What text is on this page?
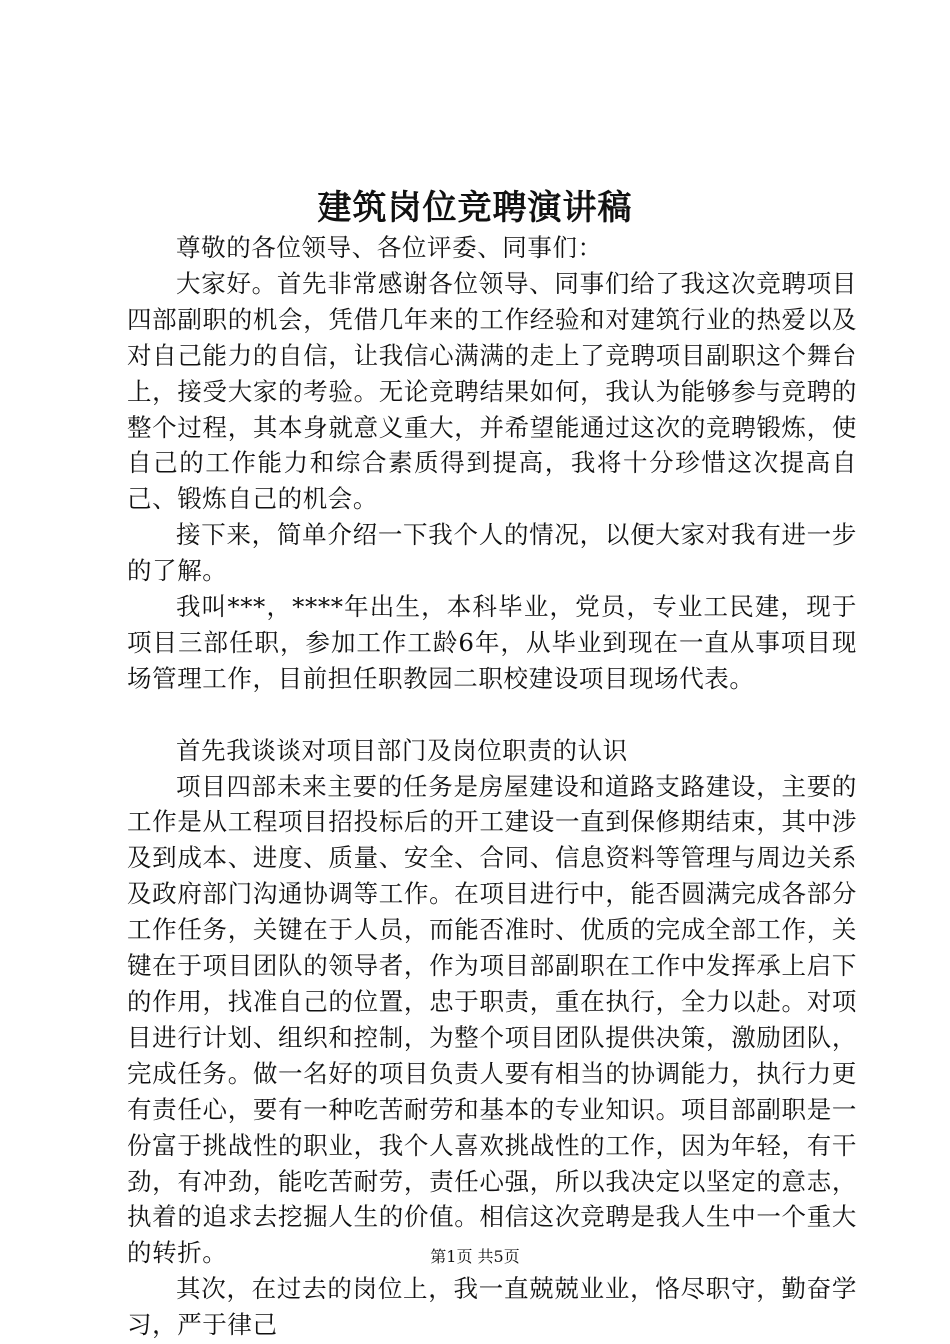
建筑岗位竞聘演讲稿

尊敬的各位领导、各位评委、同事们：

大家好。首先非常感谢各位领导、同事们给了我这次竞聘项目四部副职的机会，凭借几年来的工作经验和对建筑行业的热爱以及对自己能力的自信，让我信心满满的走上了竞聘项目副职这个舞台上，接受大家的考验。无论竞聘结果如何，我认为能够参与竞聘的整个过程，其本身就意义重大，并希望能通过这次的竞聘锻炼，使自己的工作能力和综合素质得到提高，我将十分珍惜这次提高自己、锻炼自己的机会。

接下来，简单介绍一下我个人的情况，以便大家对我有进一步的了解。

我叫***，****年出生，本科毕业，党员，专业工民建，现于项目三部任职，参加工作工龄6年，从毕业到现在一直从事项目现场管理工作，目前担任职教园二职校建设项目现场代表。

首先我谈谈对项目部门及岗位职责的认识

项目四部未来主要的任务是房屋建设和道路支路建设，主要的工作是从工程项目招投标后的开工建设一直到保修期结束，其中涉及到成本、进度、质量、安全、合同、信息资料等管理与周边关系及政府部门沟通协调等工作。在项目进行中，能否圆满完成各部分工作任务，关键在于人员，而能否准时、优质的完成全部工作，关键在于项目团队的领导者，作为项目部副职在工作中发挥承上启下的作用，找准自己的位置，忠于职责，重在执行，全力以赴。对项目进行计划、组织和控制，为整个项目团队提供决策，激励团队，完成任务。做一名好的项目负责人要有相当的协调能力，执行力更有责任心，要有一种吃苦耐劳和基本的专业知识。项目部副职是一份富于挑战性的职业，我个人喜欢挑战性的工作，因为年轻，有干劲，有冲劲，能吃苦耐劳，责任心强，所以我决定以坚定的意志，执着的追求去挖掘人生的价值。相信这次竞聘是我人生中一个重大的转折。

其次，在过去的岗位上，我一直兢兢业业，恪尽职守，勤奋学习，严于律己

第1页 共5页
